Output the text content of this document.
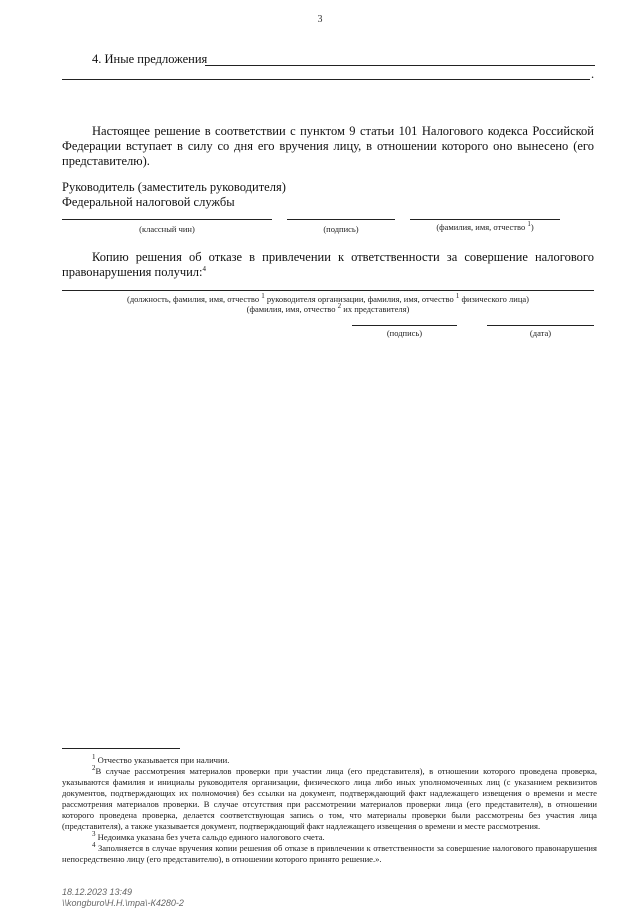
3
4. Иные предложения
.
Настоящее решение в соответствии с пунктом 9 статьи 101 Налогового кодекса Российской Федерации вступает в силу со дня его вручения лицу, в отношении которого оно вынесено (его представителю).
Руководитель (заместитель руководителя)
Федеральной налоговой службы
(классный чин)	(подпись)	(фамилия, имя, отчество $^1$)
Копию решения об отказе в привлечении к ответственности за совершение налогового правонарушения получил:$^4$
(должность, фамилия, имя, отчество $^1$ руководителя организации, фамилия, имя, отчество $^1$ физического лица)
(фамилия, имя, отчество $^2$ их представителя)
(подпись)	(дата)

$^1$ Отчество указывается при наличии.

$^2$В случае рассмотрения материалов проверки при участии лица (его представителя), в отношении которого проведена проверка, указываются фамилия и инициалы руководителя организации, физического лица либо иных уполномоченных лиц (с указанием реквизитов документов, подтверждающих их полномочия) без ссылки на документ, подтверждающий факт надлежащего извещения о времени и месте рассмотрения материалов проверки. В случае отсутствия при рассмотрении материалов проверки лица (его представителя), в отношении которого проведена проверка, делается соответствующая запись о том, что материалы проверки были рассмотрены без участия лица (представителя), а также указывается документ, подтверждающий факт надлежащего извещения о времени и месте рассмотрения.

$^3$ Недоимка указана без учета сальдо единого налогового счета.

$^4$ Заполняется в случае вручения копии решения об отказе в привлечении к ответственности за совершение налогового правонарушения непосредственно лицу (его представителю), в отношении которого принято решение.».

18.12.2023 13:49
\\kongburo\Н.Н.\mpa\-К4280-2
